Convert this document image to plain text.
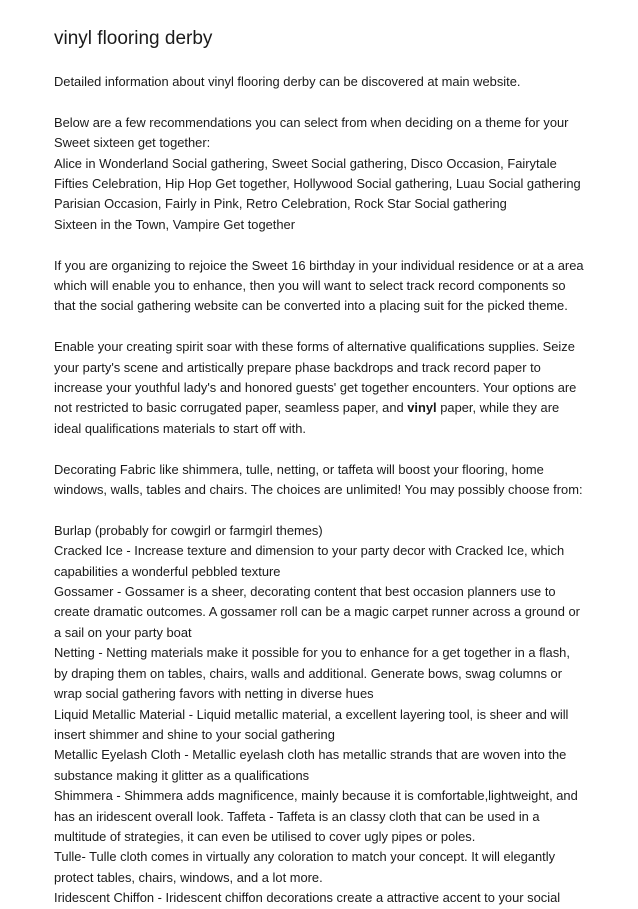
vinyl flooring derby

Detailed information about vinyl flooring derby can be discovered at main website.

Below are a few recommendations you can select from when deciding on a theme for your
Sweet sixteen get together:
Alice in Wonderland Social gathering, Sweet Social gathering, Disco Occasion, Fairytale
Fifties Celebration, Hip Hop Get together, Hollywood Social gathering, Luau Social gathering
Parisian Occasion, Fairly in Pink, Retro Celebration, Rock Star Social gathering
Sixteen in the Town, Vampire Get together

If you are organizing to rejoice the Sweet 16 birthday in your individual residence or at a area
which will enable you to enhance, then you will want to select track record components so
that the social gathering website can be converted into a placing suit for the picked theme.

Enable your creating spirit soar with these forms of alternative qualifications supplies. Seize
your party's scene and artistically prepare phase backdrops and track record paper to
increase your youthful lady's and honored guests' get together encounters. Your options are
not restricted to basic corrugated paper, seamless paper, and vinyl paper, while they are
ideal qualifications materials to start off with.

Decorating Fabric like shimmera, tulle, netting, or taffeta will boost your flooring, home
windows, walls, tables and chairs. The choices are unlimited! You may possibly choose from:

Burlap (probably for cowgirl or farmgirl themes)

Cracked Ice - Increase texture and dimension to your party decor with Cracked Ice, which
capabilities a wonderful pebbled texture

Gossamer - Gossamer is a sheer, decorating content that best occasion planners use to
create dramatic outcomes. A gossamer roll can be a magic carpet runner across a ground or
a sail on your party boat

Netting - Netting materials make it possible for you to enhance for a get together in a flash,
by draping them on tables, chairs, walls and additional. Generate bows, swag columns or
wrap social gathering favors with netting in diverse hues

Liquid Metallic Material - Liquid metallic material, a excellent layering tool, is sheer and will
insert shimmer and shine to your social gathering

Metallic Eyelash Cloth - Metallic eyelash cloth has metallic strands that are woven into the
substance making it glitter as a qualifications

Shimmera - Shimmera adds magnificence, mainly because it is comfortable,lightweight, and
has an iridescent overall look. Taffeta - Taffeta is an classy cloth that can be used in a
multitude of strategies, it can even be utilised to cover ugly pipes or poles.

Tulle- Tulle cloth comes in virtually any coloration to match your concept. It will elegantly
protect tables, chairs, windows, and a lot more.

Iridescent Chiffon - Iridescent chiffon decorations create a attractive accent to your social
